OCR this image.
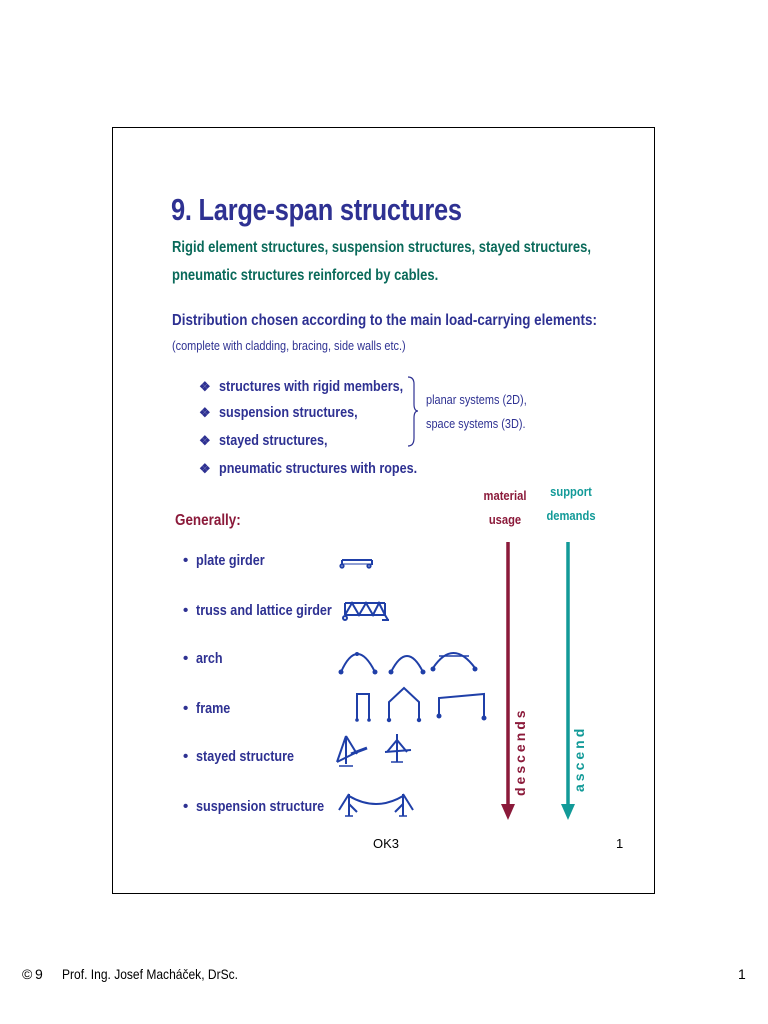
9. Large-span structures
Rigid element structures, suspension structures, stayed structures,
pneumatic structures reinforced by cables.
Distribution chosen according to the main load-carrying elements:
(complete with cladding, bracing, side walls etc.)
❖ structures with rigid members,
❖ suspension structures,
❖ stayed structures,
❖ pneumatic structures with ropes.
planar systems (2D),
space systems (3D).
material
usage
support
demands
descends	ascend
Generally:
• plate girder
• truss and lattice girder
• arch
• frame
• stayed structure
• suspension structure
OK3	1
© 9 Prof. Ing. Josef Macháček, DrSc.	1
